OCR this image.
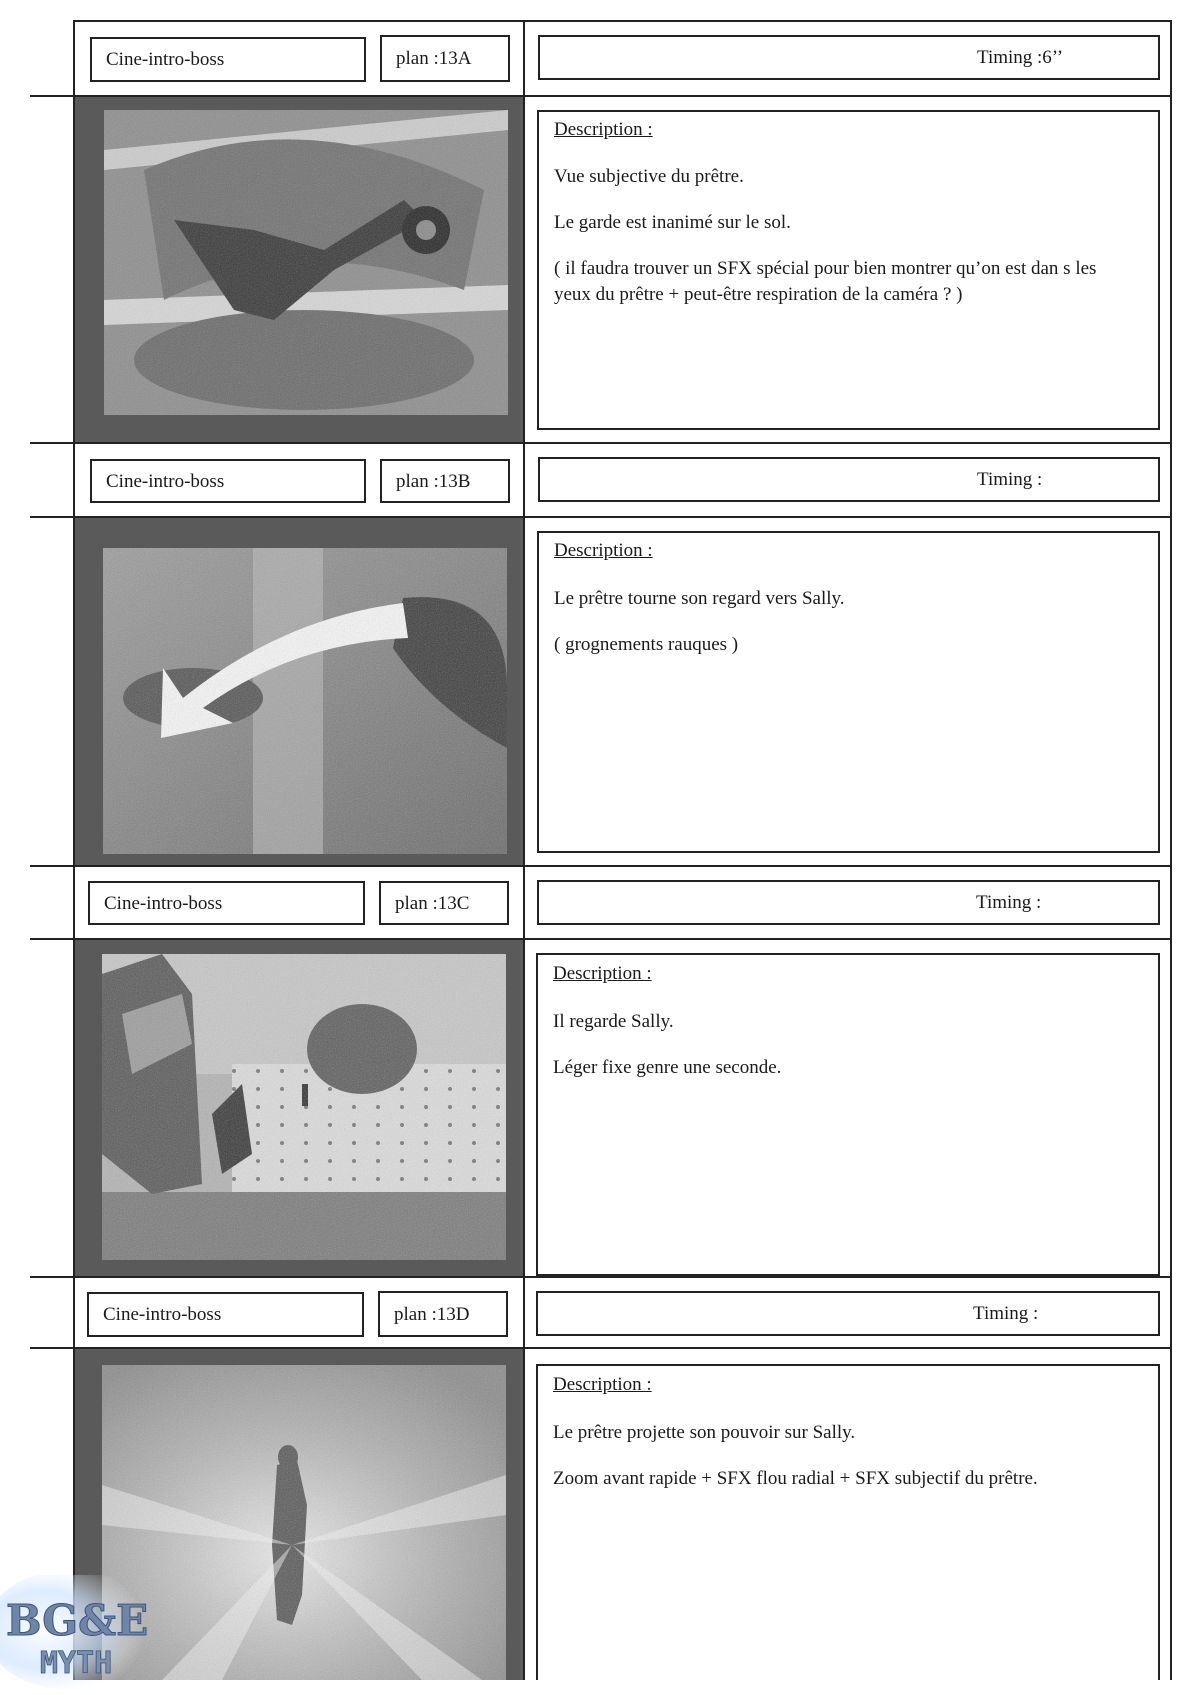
Cine-intro-boss	plan :13A	Timing :6’’
Description :
Vue subjective du prêtre.
Le garde est inanimé sur le sol.
( il faudra trouver un SFX spécial pour bien montrer qu’on est dan s les
yeux du prêtre + peut-être respiration de la caméra ? )
Cine-intro-boss	plan :13B	Timing :
Description :
Le prêtre tourne son regard vers Sally.
( grognements rauques )
Cine-intro-boss	plan :13C	Timing :
Description :
Il regarde Sally.
Léger fixe genre une seconde.
Cine-intro-boss	plan :13D	Timing :
Description :
Le prêtre projette son pouvoir sur Sally.
Zoom avant rapide + SFX flou radial + SFX subjectif du prêtre.
BG&E
MYTH
